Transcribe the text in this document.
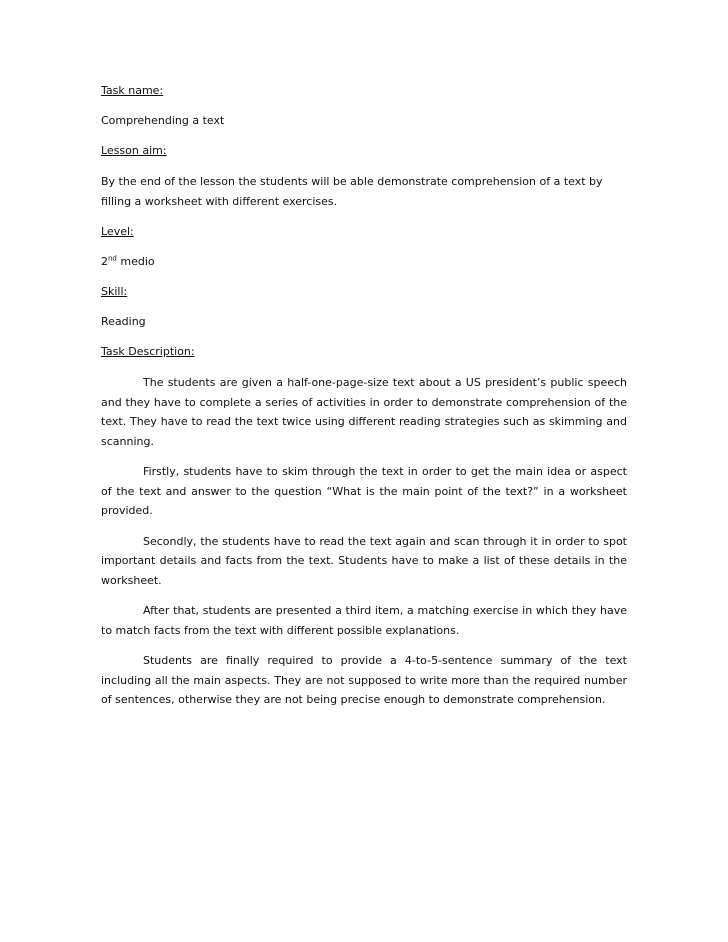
Task name:

Comprehending a text

Lesson aim:

By the end of the lesson the students will be able demonstrate comprehension of a text by filling a worksheet with different exercises.

Level:

2nd medio

Skill:

Reading

Task Description:

The students are given a half-one-page-size text about a US president’s public speech and they have to complete a series of activities in order to demonstrate comprehension of the text. They have to read the text twice using different reading strategies such as skimming and scanning.

Firstly, students have to skim through the text in order to get the main idea or aspect of the text and answer to the question “What is the main point of the text?” in a worksheet provided.

Secondly, the students have to read the text again and scan through it in order to spot important details and facts from the text. Students have to make a list of these details in the worksheet.

After that, students are presented a third item, a matching exercise in which they have to match facts from the text with different possible explanations.

Students are finally required to provide a 4-to-5-sentence summary of the text including all the main aspects. They are not supposed to write more than the required number of sentences, otherwise they are not being precise enough to demonstrate comprehension.
